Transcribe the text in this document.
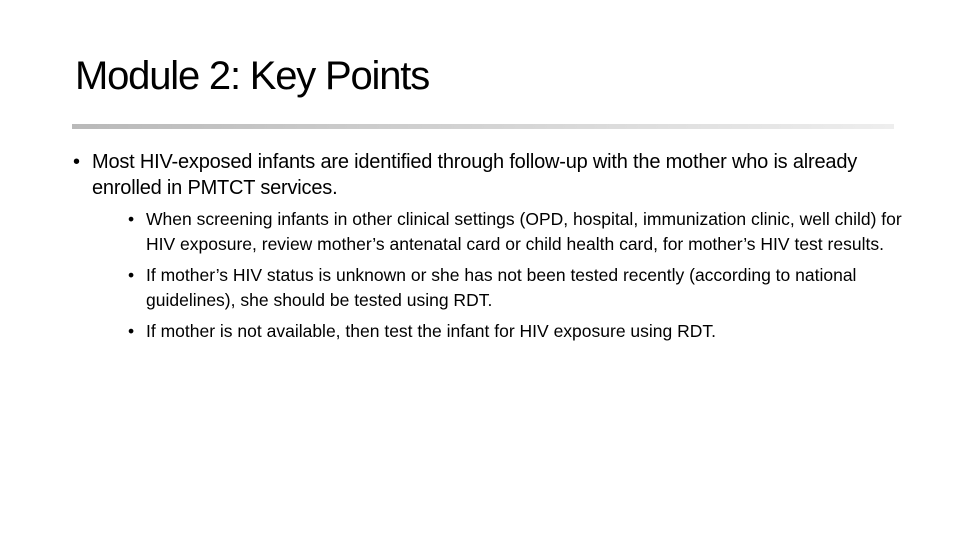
Module 2: Key Points
• Most HIV-exposed infants are identified through follow-up with the mother who is already enrolled in PMTCT services.
• When screening infants in other clinical settings (OPD, hospital, immunization clinic, well child) for HIV exposure, review mother’s antenatal card or child health card, for mother’s HIV test results.
• If mother’s HIV status is unknown or she has not been tested recently (according to national guidelines), she should be tested using RDT.
• If mother is not available, then test the infant for HIV exposure using RDT.
